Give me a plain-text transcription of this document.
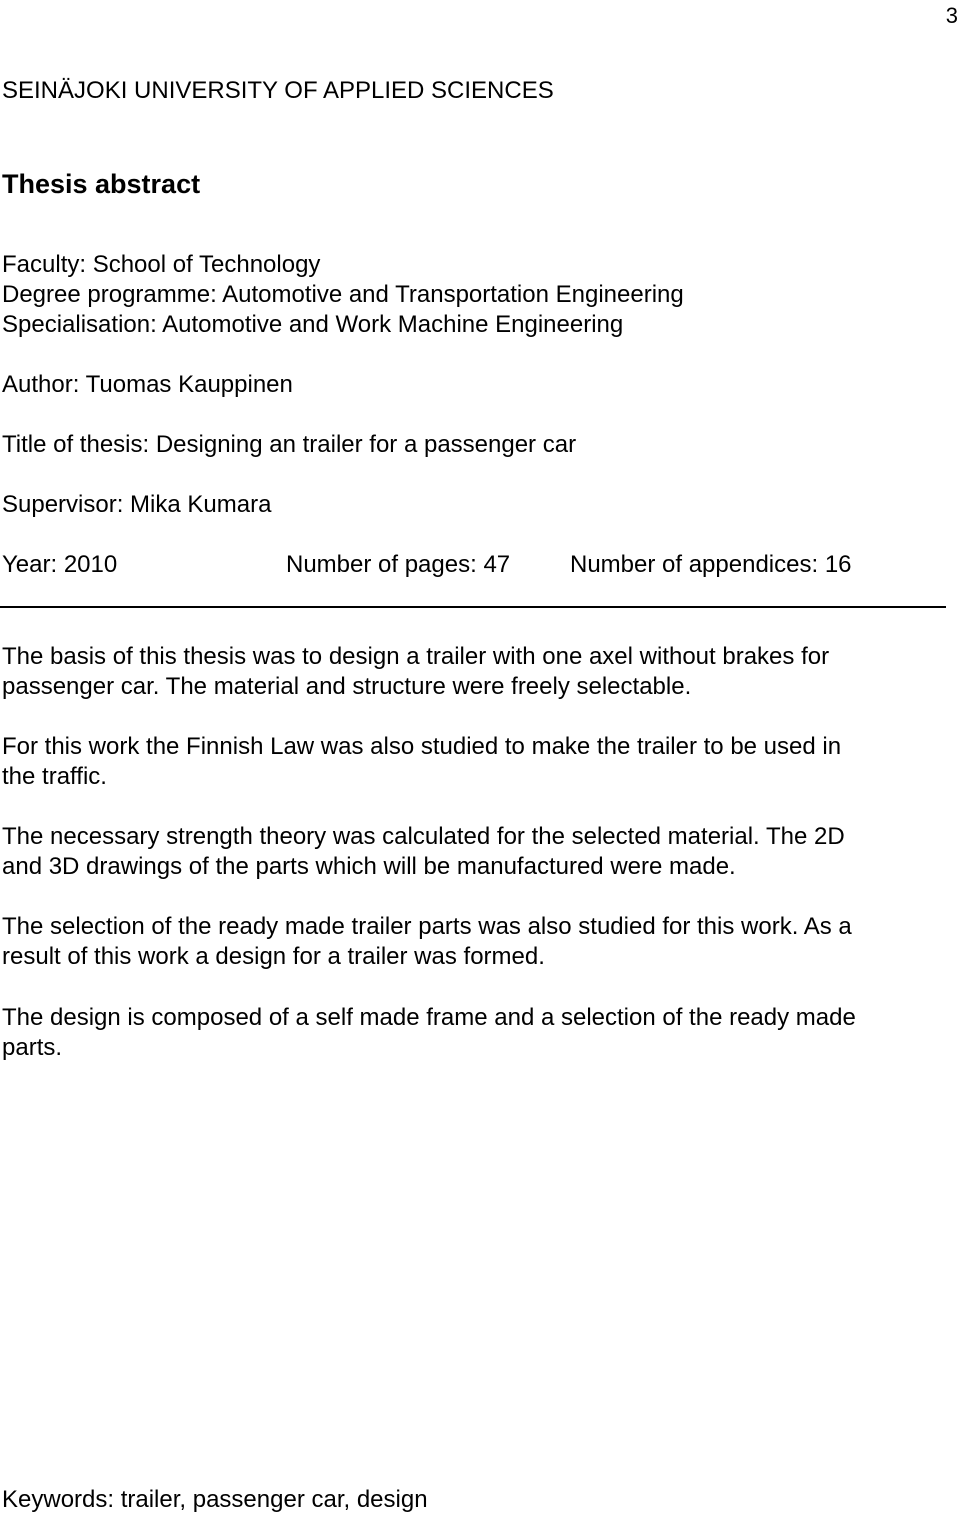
3
SEINÄJOKI UNIVERSITY OF APPLIED SCIENCES
Thesis abstract
Faculty: School of Technology
Degree programme: Automotive and Transportation Engineering
Specialisation: Automotive and Work Machine Engineering
Author: Tuomas Kauppinen
Title of thesis: Designing an trailer for a passenger car
Supervisor: Mika Kumara
Year: 2010	Number of pages: 47 Number of appendices: 16
The basis of this thesis was to design a trailer with one axel without brakes for
passenger car. The material and structure were freely selectable.
For this work the Finnish Law was also studied to make the trailer to be used in
the traffic.
The necessary strength theory was calculated for the selected material. The 2D
and 3D drawings of the parts which will be manufactured were made.
The selection of the ready made trailer parts was also studied for this work. As a
result of this work a design for a trailer was formed.
The design is composed of a self made frame and a selection of the ready made
parts.
Keywords: trailer, passenger car, design
